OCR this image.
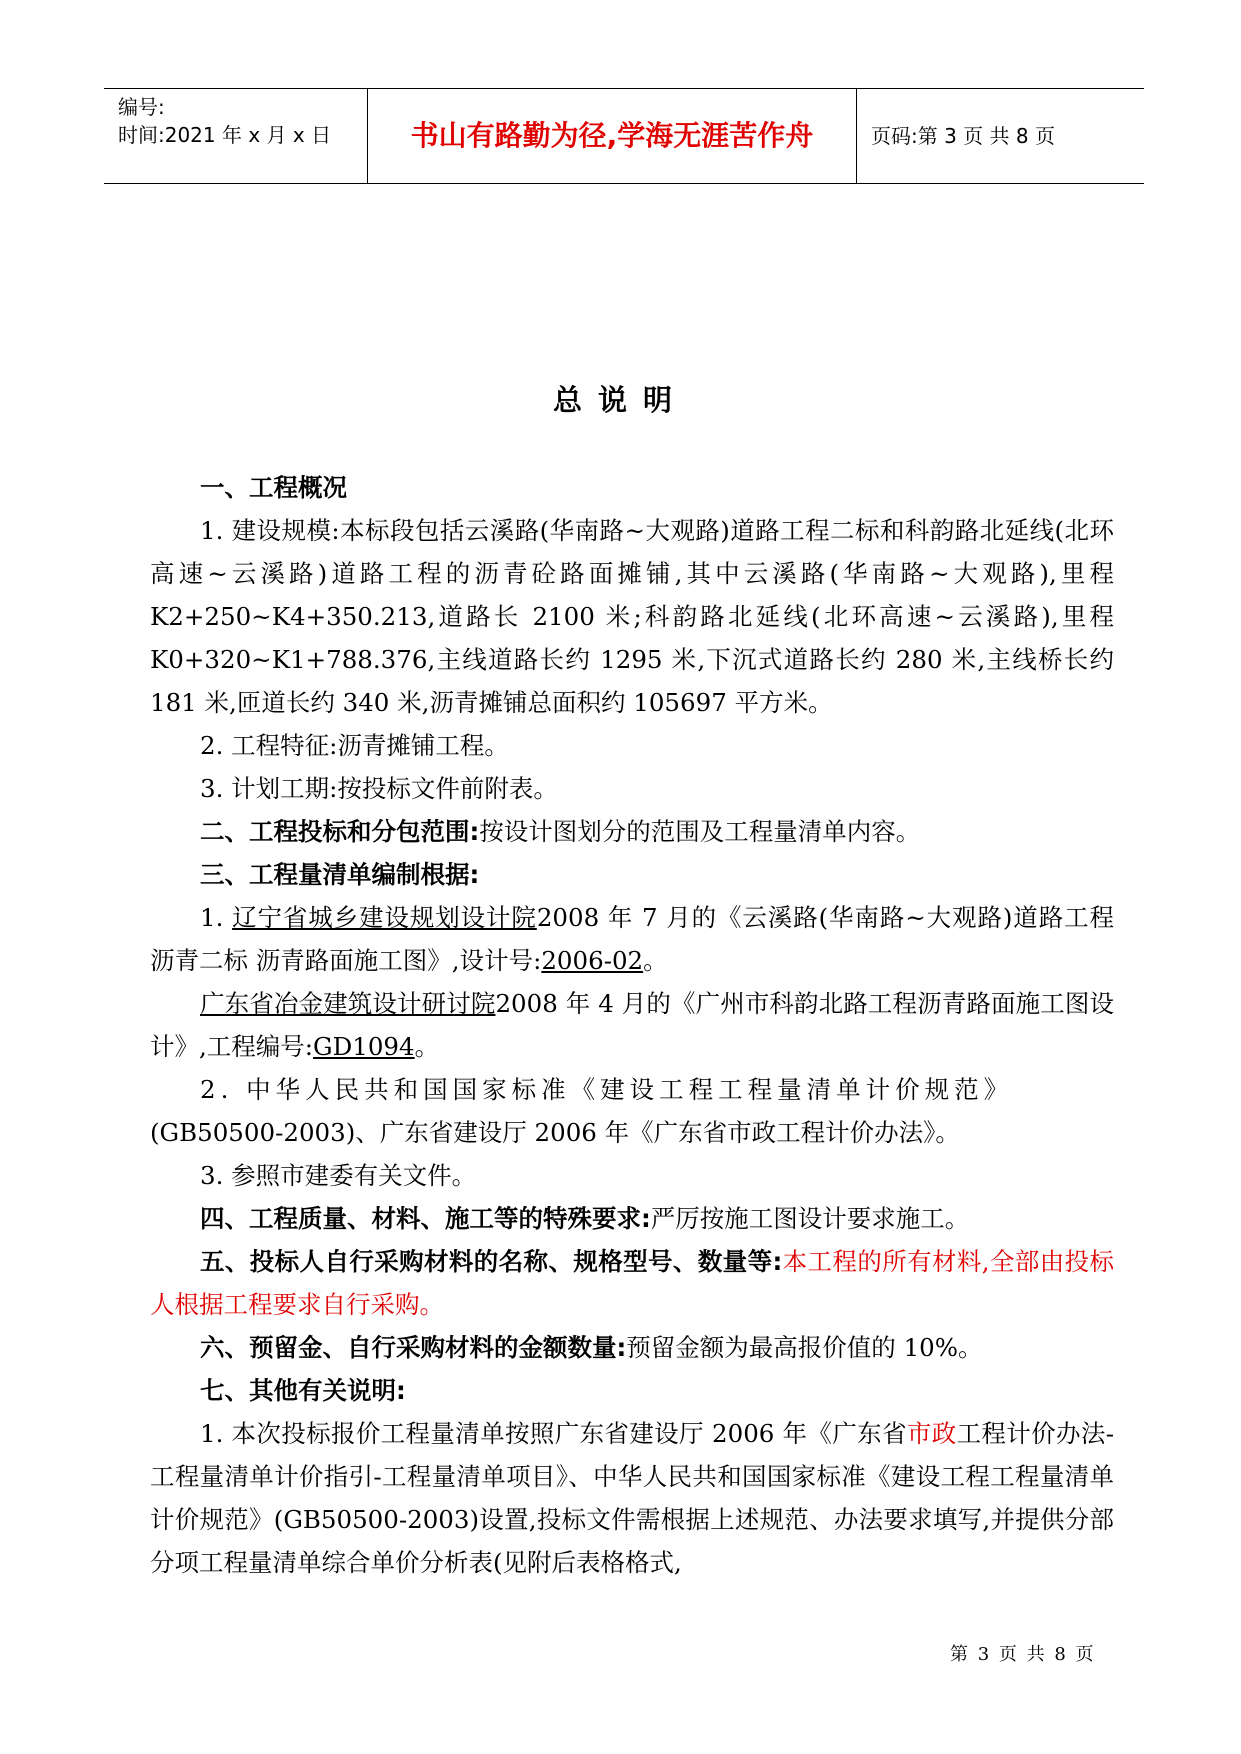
编号:
时间:2021 年 x 月 x 日	书山有路勤为径,学海无涯苦作舟	页码:第 3 页 共 8 页
总说明

一、工程概况

1. 建设规模:本标段包括云溪路(华南路~大观路)道路工程二标和科韵路北延线(北环高速~云溪路)道路工程的沥青砼路面摊铺,其中云溪路(华南路~大观路),里程 K2+250~K4+350.213,道路长 2100 米;科韵路北延线(北环高速~云溪路),里程 K0+320~K1+788.376,主线道路长约 1295 米,下沉式道路长约 280 米,主线桥长约 181 米,匝道长约 340 米,沥青摊铺总面积约 105697 平方米。

2. 工程特征:沥青摊铺工程。

3. 计划工期:按投标文件前附表。

二、工程投标和分包范围:按设计图划分的范围及工程量清单内容。

三、工程量清单编制根据:

1. 辽宁省城乡建设规划设计院2008 年 7 月的《云溪路(华南路~大观路)道路工程 沥青二标 沥青路面施工图》,设计号:2006-02。

广东省冶金建筑设计研讨院2008 年 4 月的《广州市科韵北路工程沥青路面施工图设计》,工程编号:GD1094。

2. 中华人民共和国国家标准《建设工程工程量清单计价规范》

(GB50500-2003)、广东省建设厅 2006 年《广东省市政工程计价办法》。

3. 参照市建委有关文件。

四、工程质量、材料、施工等的特殊要求:严厉按施工图设计要求施工。

五、投标人自行采购材料的名称、规格型号、数量等:本工程的所有材料,全部由投标人根据工程要求自行采购。

六、预留金、自行采购材料的金额数量:预留金额为最高报价值的 10%。

七、其他有关说明:

1. 本次投标报价工程量清单按照广东省建设厅 2006 年《广东省市政工程计价办法-工程量清单计价指引-工程量清单项目》、中华人民共和国国家标准《建设工程工程量清单计价规范》(GB50500-2003)设置,投标文件需根据上述规范、办法要求填写,并提供分部分项工程量清单综合单价分析表(见附后表格格式,

第 3 页 共 8 页
